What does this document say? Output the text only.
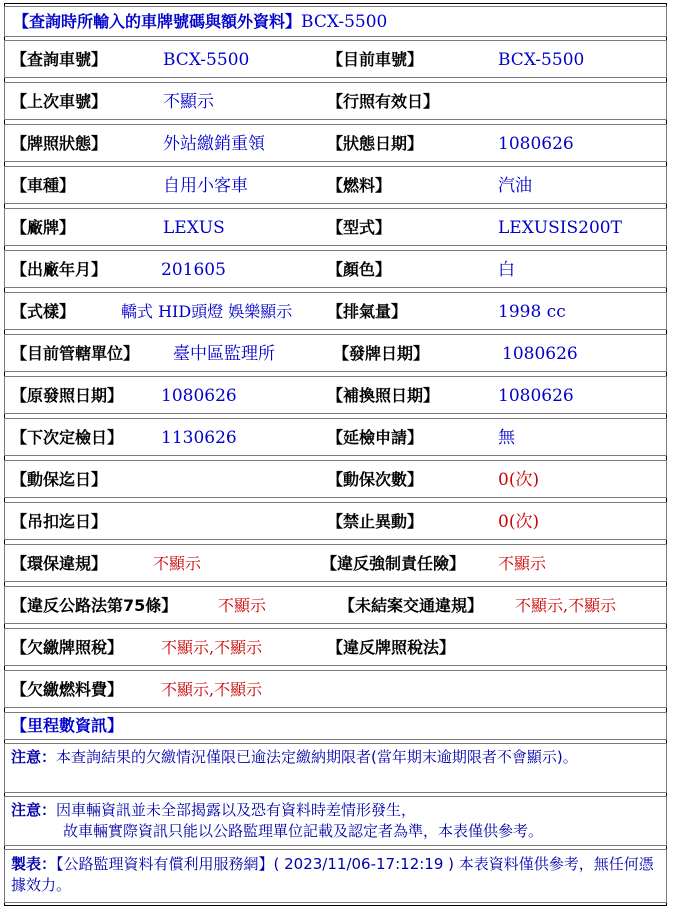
【查詢時所輸入的車牌號碼與額外資料】BCX-5500
【查詢車號】	BCX-5500	【目前車號】	BCX-5500
【上次車號】	不顯示	【行照有效日】
【牌照狀態】	外站繳銷重領	【狀態日期】	1080626
【車種】	自用小客車	【燃料】	汽油
【廠牌】	LEXUS	【型式】	LEXUSIS200T
【出廠年月】	201605	【顏色】	白
【式樣】	轎式 HID頭燈 娛樂顯示 【排氣量】	1998 cc
【目前管轄單位】 臺中區監理所	【發牌日期】	1080626
【原發照日期】 1080626	【補換照日期】	1080626
【下次定檢日】 1130626	【延檢申請】	無
【動保迄日】	【動保次數】	0(次)
【吊扣迄日】	【禁止異動】	0(次)
【環保違規】	不顯示	【違反強制責任險】 不顯示
【違反公路法第75條】	不顯示	【未結案交通違規】 不顯示,不顯示
【欠繳牌照稅】 不顯示,不顯示	【違反牌照稅法】
【欠繳燃料費】 不顯示,不顯示
【里程數資訊】
注意：本查詢結果的欠繳情況僅限已逾法定繳納期限者(當年期末逾期限者不會顯示)。
注意：因車輛資訊並未全部揭露以及恐有資料時差情形發生，
故車輛實際資訊只能以公路監理單位記載及認定者為準，本表僅供參考。
製表：【公路監理資料有償利用服務網】( 2023/11/06-17:12:19 ) 本表資料僅供參考，無任何憑據效力。
